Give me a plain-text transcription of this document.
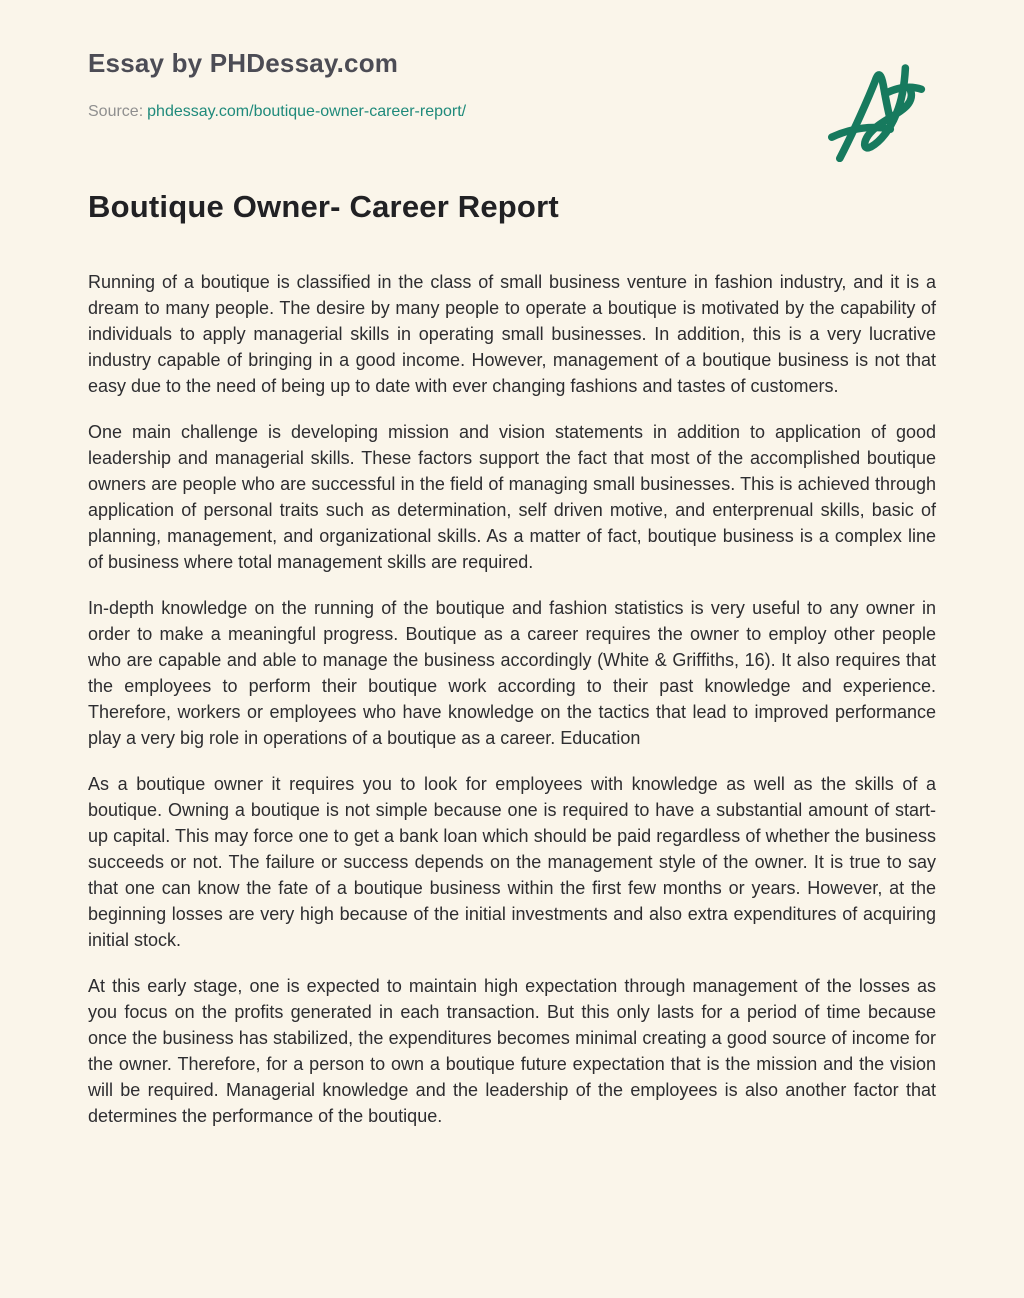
Essay by PHDessay.com
Source: phdessay.com/boutique-owner-career-report/
Boutique Owner- Career Report

Running of a boutique is classified in the class of small business venture in fashion industry, and it is a dream to many people. The desire by many people to operate a boutique is motivated by the capability of individuals to apply managerial skills in operating small businesses. In addition, this is a very lucrative industry capable of bringing in a good income. However, management of a boutique business is not that easy due to the need of being up to date with ever changing fashions and tastes of customers.

One main challenge is developing mission and vision statements in addition to application of good leadership and managerial skills. These factors support the fact that most of the accomplished boutique owners are people who are successful in the field of managing small businesses. This is achieved through application of personal traits such as determination, self driven motive, and enterprenual skills, basic of planning, management, and organizational skills. As a matter of fact, boutique business is a complex line of business where total management skills are required.

In-depth knowledge on the running of the boutique and fashion statistics is very useful to any owner in order to make a meaningful progress. Boutique as a career requires the owner to employ other people who are capable and able to manage the business accordingly (White & Griffiths, 16). It also requires that the employees to perform their boutique work according to their past knowledge and experience. Therefore, workers or employees who have knowledge on the tactics that lead to improved performance play a very big role in operations of a boutique as a career. Education

As a boutique owner it requires you to look for employees with knowledge as well as the skills of a boutique. Owning a boutique is not simple because one is required to have a substantial amount of start-up capital. This may force one to get a bank loan which should be paid regardless of whether the business succeeds or not. The failure or success depends on the management style of the owner. It is true to say that one can know the fate of a boutique business within the first few months or years. However, at the beginning losses are very high because of the initial investments and also extra expenditures of acquiring initial stock.

At this early stage, one is expected to maintain high expectation through management of the losses as you focus on the profits generated in each transaction. But this only lasts for a period of time because once the business has stabilized, the expenditures becomes minimal creating a good source of income for the owner. Therefore, for a person to own a boutique future expectation that is the mission and the vision will be required. Managerial knowledge and the leadership of the employees is also another factor that determines the performance of the boutique.
